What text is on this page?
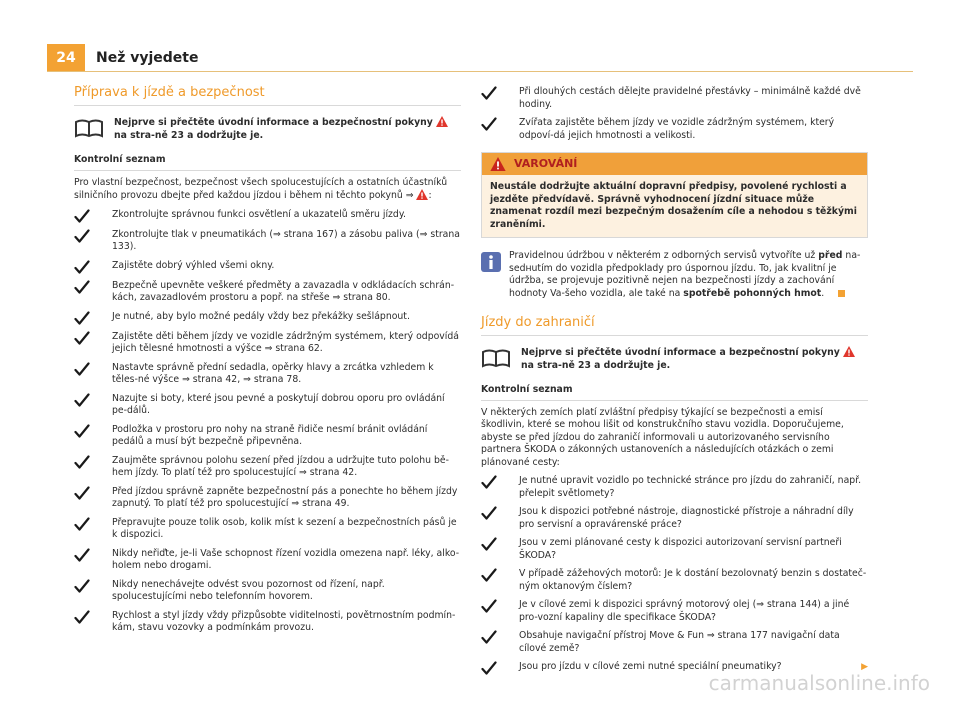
24	Než vyjedete
Příprava k jízdě a bezpečnost
Nejprve si přečtěte úvodní informace a bezpečnostní pokyny  na stra-ně 23 a dodržujte je.
Kontrolní seznam

Pro vlastní bezpečnost, bezpečnost všech spolucestujících a ostatních účastníků silničního provozu dbejte před každou jízdou i během ni těchto pokynů ⇒ :

Zkontrolujte správnou funkci osvětlení a ukazatelů směru jízdy.
Zkontrolujte tlak v pneumatikách (⇒ strana 167) a zásobu paliva (⇒ strana 133).
Zajistěte dobrý výhled všemi okny.
Bezpečně upevněte veškeré předměty a zavazadla v odkládacích schrán-kách, zavazadlovém prostoru a popř. na střeše ⇒ strana 80.
Je nutné, aby bylo možné pedály vždy bez překážky sešlápnout.
Zajistěte děti během jízdy ve vozidle zádržným systémem, který odpovídá jejich tělesné hmotnosti a výšce ⇒ strana 62.
Nastavte správně přední sedadla, opěrky hlavy a zrcátka vzhledem k těles-né výšce ⇒ strana 42, ⇒ strana 78.
Nazujte si boty, které jsou pevné a poskytují dobrou oporu pro ovládání pe-dálů.
Podložka v prostoru pro nohy na straně řidiče nesmí bránit ovládání pedálů a musí být bezpečně připevněna.
Zaujměte správnou polohu sezení před jízdou a udržujte tuto polohu bě-hem jízdy. To platí též pro spolucestující ⇒ strana 42.
Před jízdou správně zapněte bezpečnostní pás a ponechte ho během jízdy zapnutý. To platí též pro spolucestující ⇒ strana 49.
Přepravujte pouze tolik osob, kolik míst k sezení a bezpečnostních pásů je k dispozici.
Nikdy neřiďte, je-li Vaše schopnost řízení vozidla omezena např. léky, alko-holem nebo drogami.
Nikdy nenechávejte odvést svou pozornost od řízení, např. spolucestujícími nebo telefonním hovorem.
Rychlost a styl jízdy vždy přizpůsobte viditelnosti, povětrnostním podmín-kám, stavu vozovky a podmínkám provozu.
Při dlouhých cestách dělejte pravidelné přestávky – minimálně každé dvě hodiny.
Zvířata zajistěte během jízdy ve vozidle zádržným systémem, který odpoví-dá jejich hmotnosti a velikosti.
VAROVÁNÍ
Neustále dodržujte aktuální dopravní předpisy, povolené rychlosti a jezděte předvídavě. Správně vyhodnocení jízdní situace může znamenat rozdíl mezi bezpečným dosažením cíle a nehodou s těžkými zraněními.
Pravidelnou údržbou v některém z odborných servisů vytvoříte už před na-sedнutím do vozidla předpoklady pro úspornou jízdu. To, jak kvalitní je údržba, se projevuje pozitivně nejen na bezpečnosti jízdy a zachování hodnoty Va-šeho vozidla, ale také na spotřebě pohonných hmot.
Jízdy do zahraničí
Nejprve si přečtěte úvodní informace a bezpečnostní pokyny  na stra-ně 23 a dodržujte je.
Kontrolní seznam

V některých zemích platí zvláštní předpisy týkající se bezpečnosti a emisí škodlivin, které se mohou lišit od konstrukčního stavu vozidla. Doporučujeme, abyste se před jízdou do zahraničí informovali u autorizovaného servisního partnera ŠKODA o zákonných ustanoveních a následujících otázkách o zemi plánované cesty:

Je nutné upravit vozidlo po technické stránce pro jízdu do zahraničí, např. přelepit světlomety?
Jsou k dispozici potřebné nástroje, diagnostické přístroje a náhradní díly pro servisní a opravárenské práce?
Jsou v zemi plánované cesty k dispozici autorizovaní servisní partneři ŠKODA?
V případě zážehových motorů: Je k dostání bezolovnatý benzin s dostateč-ným oktanovým číslem?
Je v cílové zemi k dispozici správný motorový olej (⇒ strana 144) a jiné pro-vozní kapaliny dle specifikace ŠKODA?
Obsahuje navigační přístroj Move & Fun ⇒ strana 177 navigační data cílové země?
Jsou pro jízdu v cílové zemi nutné speciální pneumatiky?	▶
carmanualsonline.info
